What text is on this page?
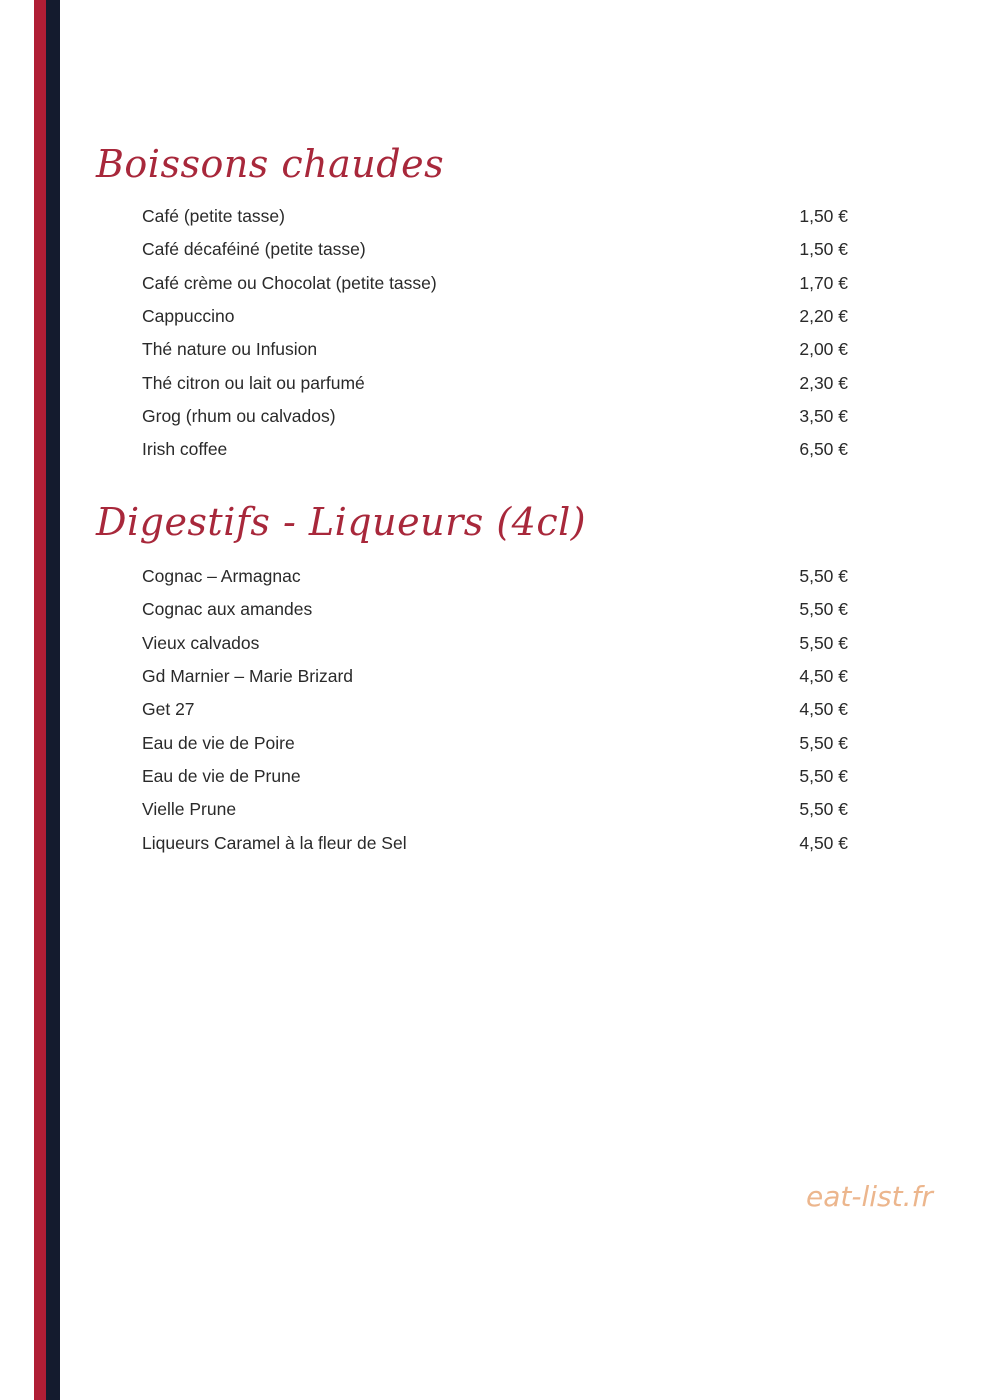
Boissons chaudes
Café (petite tasse)	1,50 €
Café décaféiné (petite tasse)	1,50 €
Café crème ou Chocolat (petite tasse)	1,70 €
Cappuccino	2,20 €
Thé nature ou Infusion	2,00 €
Thé citron ou lait ou parfumé	2,30 €
Grog (rhum ou calvados)	3,50 €
Irish coffee	6,50 €
Digestifs - Liqueurs (4cl)
Cognac – Armagnac	5,50 €
Cognac aux amandes	5,50 €
Vieux calvados	5,50 €
Gd Marnier – Marie Brizard	4,50 €
Get 27	4,50 €
Eau de vie de Poire	5,50 €
Eau de vie de Prune	5,50 €
Vielle Prune	5,50 €
Liqueurs Caramel à la fleur de Sel	4,50 €
eat-list.fr
